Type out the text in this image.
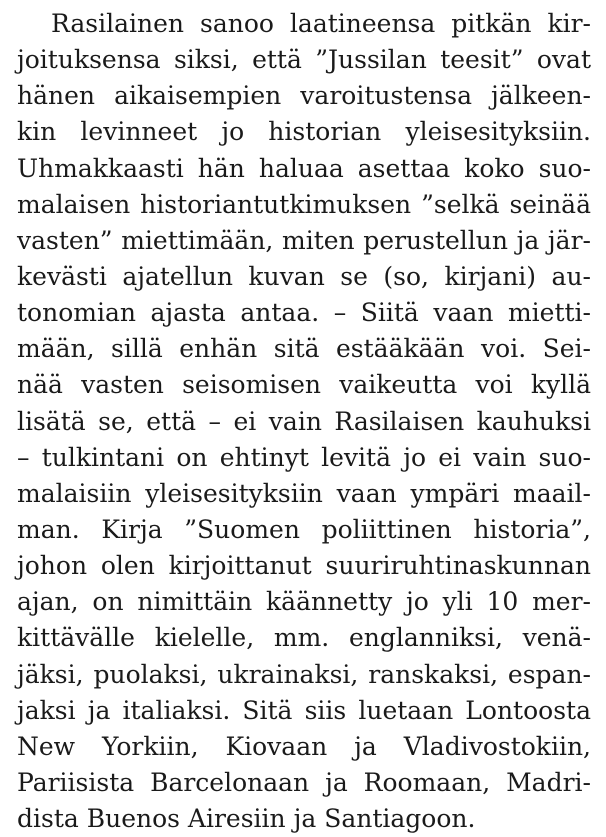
Rasilainen sanoo laatineensa pitkän kir-
joituksensa siksi, että ”Jussilan teesit” ovat
hänen aikaisempien varoitustensa jälkeen-
kin levinneet jo historian yleisesityksiin.
Uhmakkaasti hän haluaa asettaa koko suo-
malaisen historiantutkimuksen ”selkä seinää
vasten” miettimään, miten perustellun ja jär-
kevästi ajatellun kuvan se (so, kirjani) au-
tonomian ajasta antaa. – Siitä vaan mietti-
mään, sillä enhän sitä estääkään voi. Sei-
nää vasten seisomisen vaikeutta voi kyllä
lisätä se, että – ei vain Rasilaisen kauhuksi
– tulkintani on ehtinyt levitä jo ei vain suo-
malaisiin yleisesityksiin vaan ympäri maail-
man. Kirja ”Suomen poliittinen historia”,
johon olen kirjoittanut suuriruhtinaskunnan
ajan, on nimittäin käännetty jo yli 10 mer-
kittävälle kielelle, mm. englanniksi, venä-
jäksi, puolaksi, ukrainaksi, ranskaksi, espan-
jaksi ja italiaksi. Sitä siis luetaan Lontoosta
New Yorkiin, Kiovaan ja Vladivostokiin,
Pariisista Barcelonaan ja Roomaan, Madri-
dista Buenos Airesiin ja Santiagoon.
